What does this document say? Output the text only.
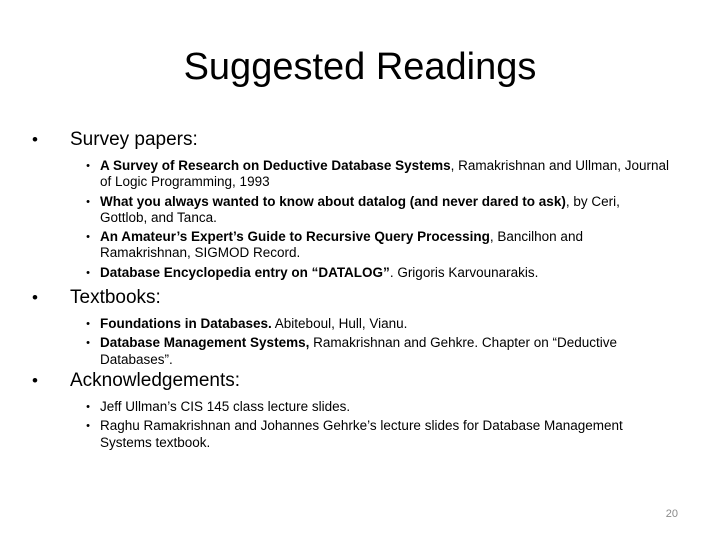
Suggested Readings
•	Survey papers:
• A Survey of Research on Deductive Database Systems, Ramakrishnan and Ullman, Journal of Logic Programming, 1993
• What you always wanted to know about datalog (and never dared to ask), by Ceri, Gottlob, and Tanca.
• An Amateur’s Expert’s Guide to Recursive Query Processing, Bancilhon and Ramakrishnan, SIGMOD Record.
• Database Encyclopedia entry on “DATALOG”. Grigoris Karvounarakis.
•	Textbooks:
• Foundations in Databases. Abiteboul, Hull, Vianu.
• Database Management Systems, Ramakrishnan and Gehkre. Chapter on “Deductive Databases”.
•	Acknowledgements:
• Jeff Ullman’s CIS 145 class lecture slides.
• Raghu Ramakrishnan and Johannes Gehrke’s lecture slides for Database Management Systems textbook.
20
